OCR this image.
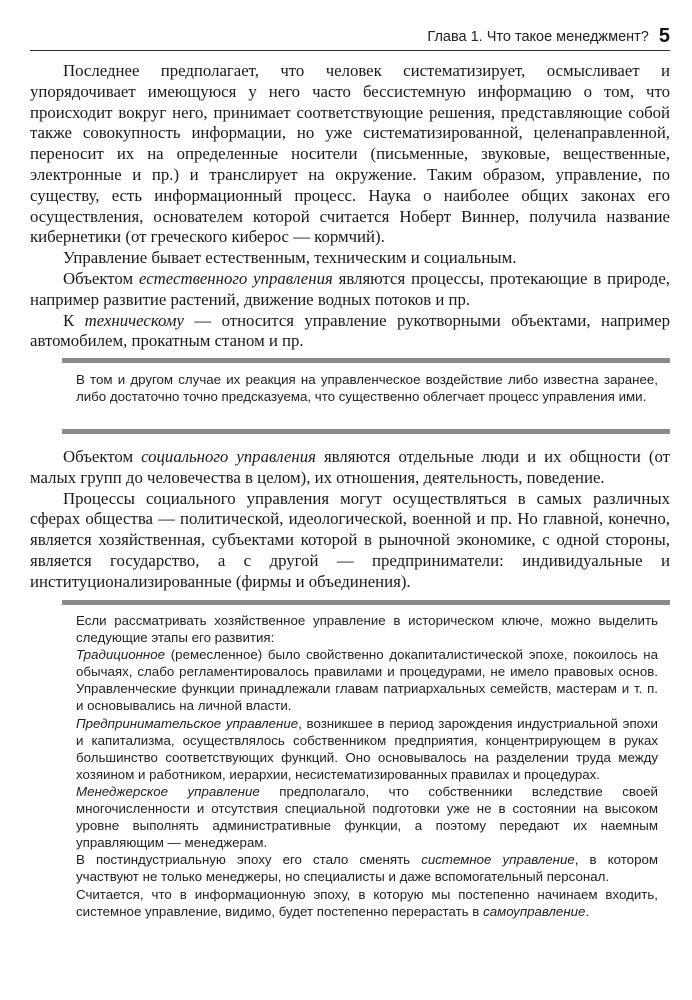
Глава 1. Что такое менеджмент? 5

Последнее предполагает, что человек систематизирует, осмысливает и упорядочивает имеющуюся у него часто бессистемную информацию о том, что происходит вокруг него, принимает соответствующие решения, представляющие собой также совокупность информации, но уже систематизированной, целенаправленной, переносит их на определенные носители (письменные, звуковые, вещественные, электронные и пр.) и транслирует на окружение. Таким образом, управление, по существу, есть информационный процесс. Наука о наиболее общих законах его осуществления, основателем которой считается Ноберт Виннер, получила название кибернетики (от греческого киберос — кормчий).

Управление бывает естественным, техническим и социальным.

Объектом естественного управления являются процессы, протекающие в природе, например развитие растений, движение водных потоков и пр.

К техническому — относится управление рукотворными объектами, например автомобилем, прокатным станом и пр.

В том и другом случае их реакция на управленческое воздействие либо известна заранее, либо достаточно точно предсказуема, что существенно облегчает процесс управления ими.

Объектом социального управления являются отдельные люди и их общности (от малых групп до человечества в целом), их отношения, деятельность, поведение.

Процессы социального управления могут осуществляться в самых различных сферах общества — политической, идеологической, военной и пр. Но главной, конечно, является хозяйственная, субъектами которой в рыночной экономике, с одной стороны, является государство, а с другой — предприниматели: индивидуальные и институционализированные (фирмы и объединения).

Если рассматривать хозяйственное управление в историческом ключе, можно выделить следующие этапы его развития:

Традиционное (ремесленное) было свойственно докапиталистической эпохе, покоилось на обычаях, слабо регламентировалось правилами и процедурами, не имело правовых основ. Управленческие функции принадлежали главам патриархальных семейств, мастерам и т. п. и основывались на личной власти.

Предпринимательское управление, возникшее в период зарождения индустриальной эпохи и капитализма, осуществлялось собственником предприятия, концентрирующем в руках большинство соответствующих функций. Оно основывалось на разделении труда между хозяином и работником, иерархии, несистематизированных правилах и процедурах.

Менеджерское управление предполагало, что собственники вследствие своей многочисленности и отсутствия специальной подготовки уже не в состоянии на высоком уровне выполнять административные функции, а поэтому передают их наемным управляющим — менеджерам.

В постиндустриальную эпоху его стало сменять системное управление, в котором участвуют не только менеджеры, но специалисты и даже вспомогательный персонал.

Считается, что в информационную эпоху, в которую мы постепенно начинаем входить, системное управление, видимо, будет постепенно перерастать в самоуправление.
